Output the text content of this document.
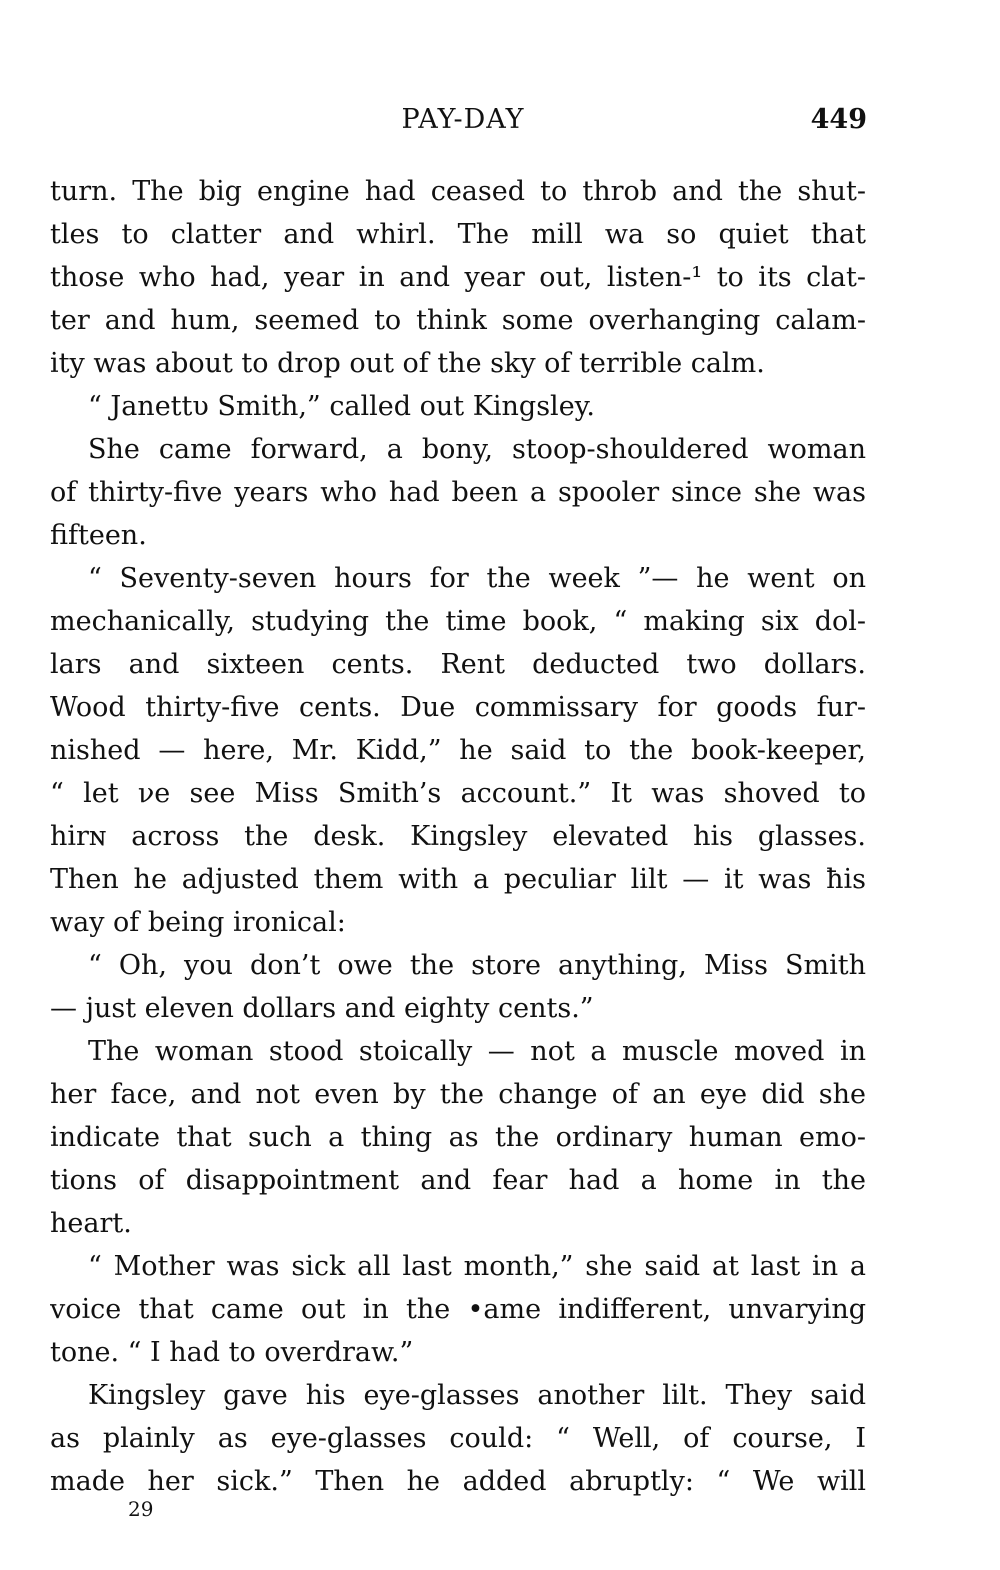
PAY-DAY	449
turn. The big engine had ceased to throb and the shut-
tles to clatter and whirl. The mill wa so quiet that
those who had, year in and year out, listen-¹ to its clat-
ter and hum, seemed to think some overhanging calam-
ity was about to drop out of the sky of terrible calm.
“ Janettυ Smith,” called out Kingsley.
She came forward, a bony, stoop-shouldered woman
of thirty-five years who had been a spooler since she was
fifteen.
“ Seventy-seven hours for the week ”— he went on
mechanically, studying the time book, “ making six dol-
lars and sixteen cents. Rent deducted two dollars.
Wood thirty-five cents. Due commissary for goods fur-
nished — here, Mr. Kidd,” he said to the book-keeper,
“ let νe see Miss Smith’s account.” It was shoved to
hirɴ across the desk. Kingsley elevated his glasses.
Then he adjusted them with a peculiar lilt — it was ħis
way of being ironical:
“ Oh, you don’t owe the store anything, Miss Smith
— just eleven dollars and eighty cents.”
The woman stood stoically — not a muscle moved in
her face, and not even by the change of an eye did she
indicate that such a thing as the ordinary human emo-
tions of disappointment and fear had a home in the
heart.
“ Mother was sick all last month,” she said at last in a
voice that came out in the •ame indifferent, unvarying
tone. “ I had to overdraw.”
Kingsley gave his eye-glasses another lilt. They said
as plainly as eye-glasses could: “ Well, of course, I
made her sick.” Then he added abruptly: “ We will
29
